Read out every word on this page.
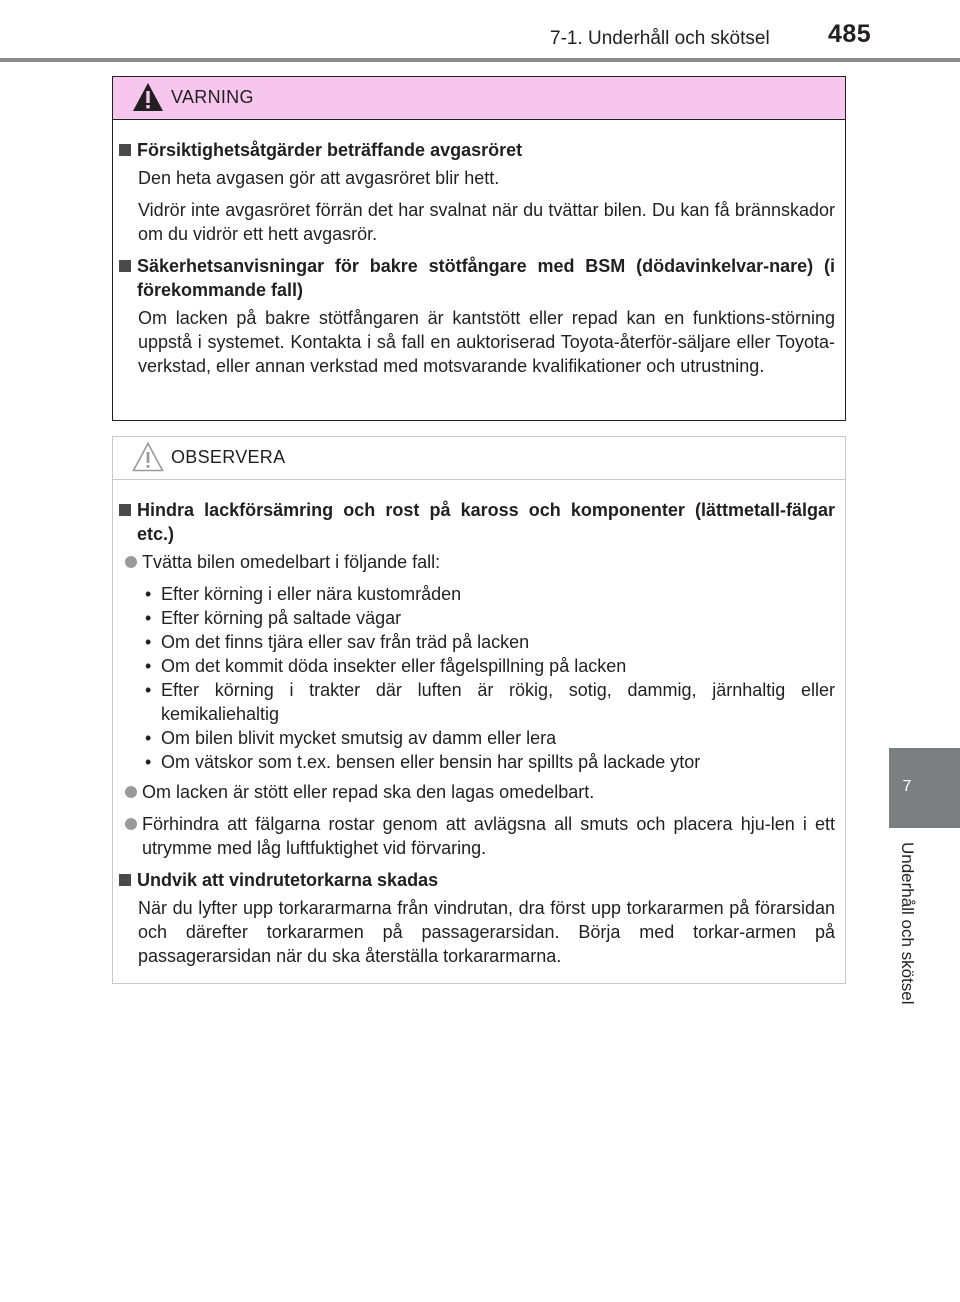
7-1. Underhåll och skötsel 485
7
Underhåll och skötsel
VARNING
Försiktighetsåtgärder beträffande avgasröret
Den heta avgasen gör att avgasröret blir hett.
Vidrör inte avgasröret förrän det har svalnat när du tvättar bilen. Du kan få brännskador om du vidrör ett hett avgasrör.
Säkerhetsanvisningar för bakre stötfångare med BSM (dödavinkelvar-nare) (i förekommande fall)
Om lacken på bakre stötfångaren är kantstött eller repad kan en funktions-störning uppstå i systemet. Kontakta i så fall en auktoriserad Toyota-återför-säljare eller Toyota-verkstad, eller annan verkstad med motsvarande kvalifikationer och utrustning.
OBSERVERA
Hindra lackförsämring och rost på kaross och komponenter (lättmetall-fälgar etc.)
Tvätta bilen omedelbart i följande fall:
• Efter körning i eller nära kustområden
• Efter körning på saltade vägar
• Om det finns tjära eller sav från träd på lacken
• Om det kommit döda insekter eller fågelspillning på lacken
• Efter körning i trakter där luften är rökig, sotig, dammig, järnhaltig eller kemikaliehaltig
• Om bilen blivit mycket smutsig av damm eller lera
• Om vätskor som t.ex. bensen eller bensin har spillts på lackade ytor
Om lacken är stött eller repad ska den lagas omedelbart.
Förhindra att fälgarna rostar genom att avlägsna all smuts och placera hju-len i ett utrymme med låg luftfuktighet vid förvaring.
Undvik att vindrutetorkarna skadas
När du lyfter upp torkararmarna från vindrutan, dra först upp torkararmen på förarsidan och därefter torkararmen på passagerarsidan. Börja med torkar-armen på passagerarsidan när du ska återställa torkararmarna.
